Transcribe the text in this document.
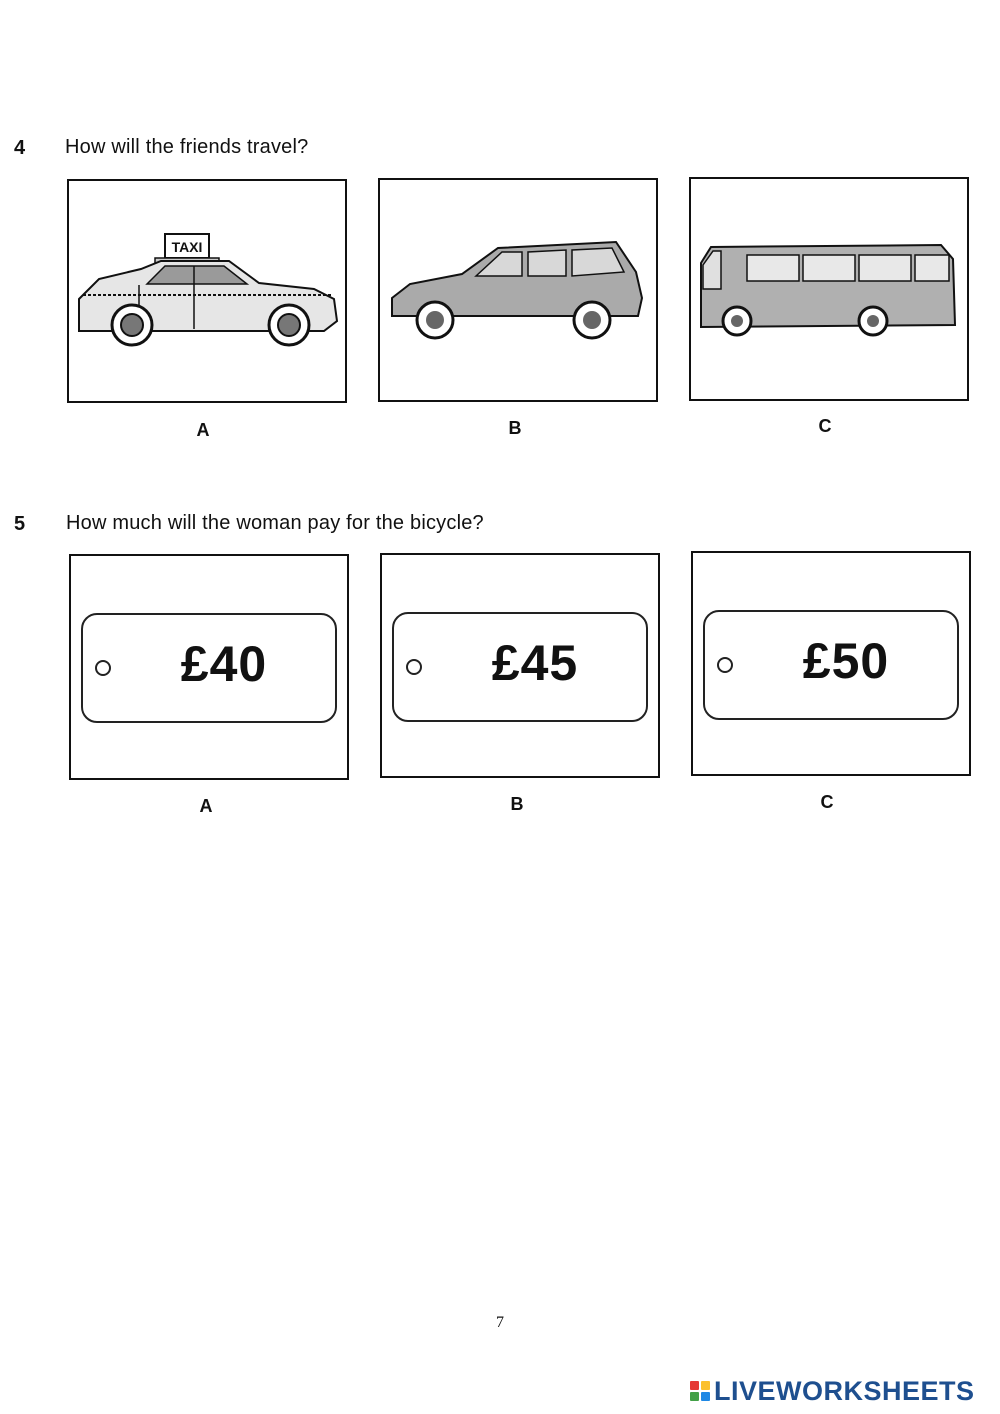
4 How will the friends travel?
TAXI
A	B	C
5 How much will the woman pay for the bicycle?
£40
A
£45
B
£50
C
7
LIVEWORKSHEETS
